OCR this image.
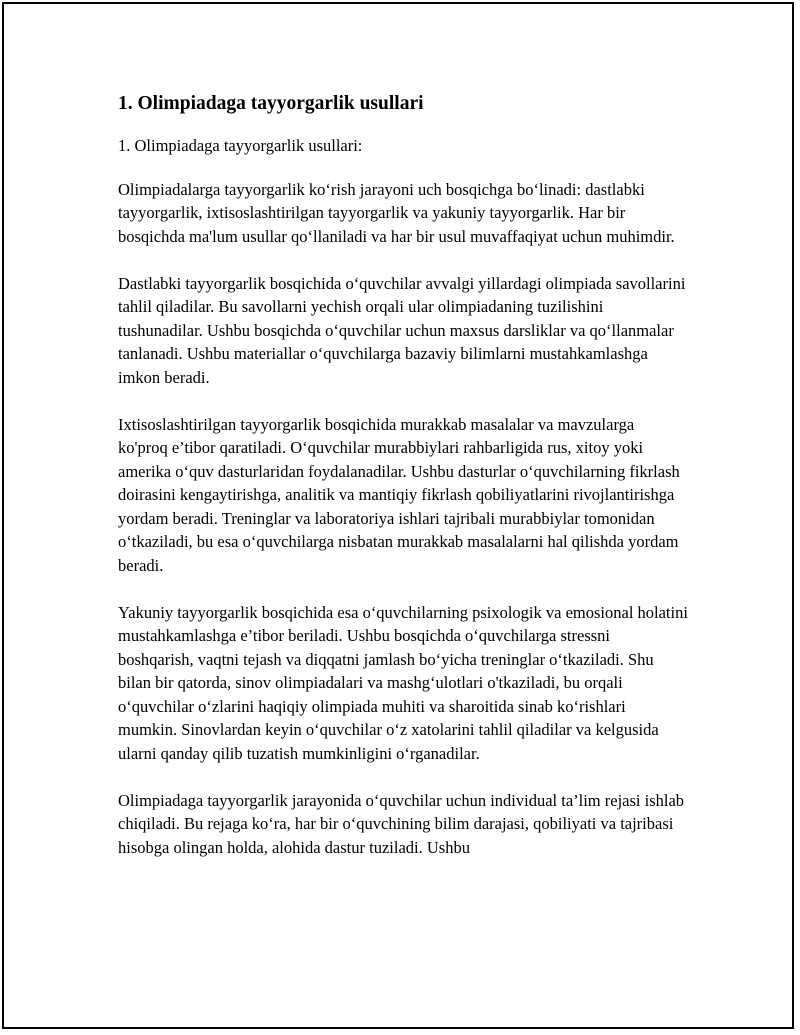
1. Olimpiadaga tayyorgarlik usullari

1. Olimpiadaga tayyorgarlik usullari:

Olimpiadalarga tayyorgarlik ko‘rish jarayoni uch bosqichga bo‘linadi: dastlabki tayyorgarlik, ixtisoslashtirilgan tayyorgarlik va yakuniy tayyorgarlik. Har bir bosqichda ma'lum usullar qo‘llaniladi va har bir usul muvaffaqiyat uchun muhimdir.

Dastlabki tayyorgarlik bosqichida o‘quvchilar avvalgi yillardagi olimpiada savollarini tahlil qiladilar. Bu savollarni yechish orqali ular olimpiadaning tuzilishini tushunadilar. Ushbu bosqichda o‘quvchilar uchun maxsus darsliklar va qo‘llanmalar tanlanadi. Ushbu materiallar o‘quvchilarga bazaviy bilimlarni mustahkamlashga imkon beradi.

Ixtisoslashtirilgan tayyorgarlik bosqichida murakkab masalalar va mavzularga ko'proq e’tibor qaratiladi. O‘quvchilar murabbiylari rahbarligida rus, xitoy yoki amerika o‘quv dasturlaridan foydalanadilar. Ushbu dasturlar o‘quvchilarning fikrlash doirasini kengaytirishga, analitik va mantiqiy fikrlash qobiliyatlarini rivojlantirishga yordam beradi. Treninglar va laboratoriya ishlari tajribali murabbiylar tomonidan o‘tkaziladi, bu esa o‘quvchilarga nisbatan murakkab masalalarni hal qilishda yordam beradi.

Yakuniy tayyorgarlik bosqichida esa o‘quvchilarning psixologik va emosional holatini mustahkamlashga e’tibor beriladi. Ushbu bosqichda o‘quvchilarga stressni boshqarish, vaqtni tejash va diqqatni jamlash bo‘yicha treninglar o‘tkaziladi. Shu bilan bir qatorda, sinov olimpiadalari va mashg‘ulotlari o'tkaziladi, bu orqali o‘quvchilar o‘zlarini haqiqiy olimpiada muhiti va sharoitida sinab ko‘rishlari mumkin. Sinovlardan keyin o‘quvchilar o‘z xatolarini tahlil qiladilar va kelgusida ularni qanday qilib tuzatish mumkinligini o‘rganadilar.

Olimpiadaga tayyorgarlik jarayonida o‘quvchilar uchun individual ta’lim rejasi ishlab chiqiladi. Bu rejaga ko‘ra, har bir o‘quvchining bilim darajasi, qobiliyati va tajribasi hisobga olingan holda, alohida dastur tuziladi. Ushbu
